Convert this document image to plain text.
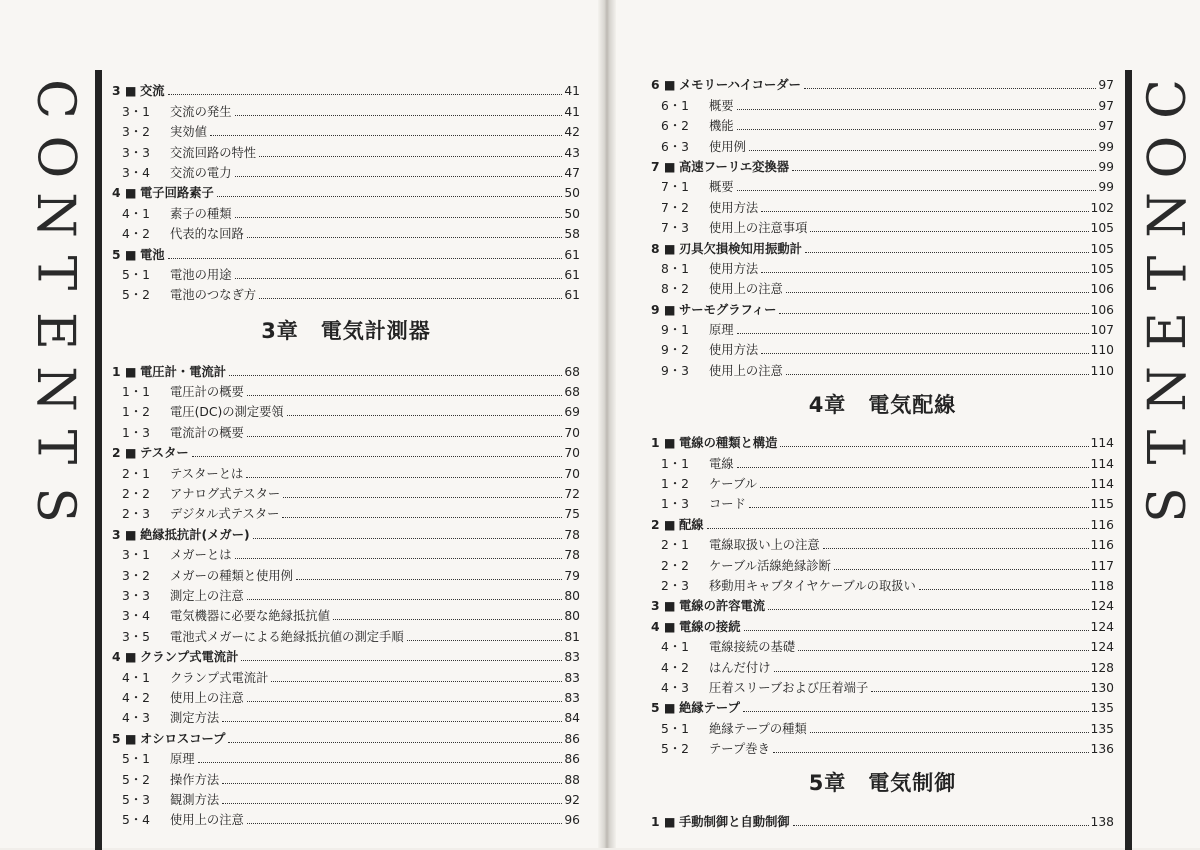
C
O
N
T
E
N
T
S
C
O
N
T
E
N
T
S
3 ■ 交流	41
3・1	交流の発生	41
3・2	実効値	42
3・3	交流回路の特性	43
3・4	交流の電力	47
4 ■ 電子回路素子	50
4・1	素子の種類	50
4・2	代表的な回路	58
5 ■ 電池	61
5・1	電池の用途	61
5・2	電池のつなぎ方	61
3章　電気計測器
1 ■ 電圧計・電流計	68
1・1	電圧計の概要	68
1・2	電圧(DC)の測定要領	69
1・3	電流計の概要	70
2 ■ テスター	70
2・1	テスターとは	70
2・2	アナログ式テスター	72
2・3	デジタル式テスター	75
3 ■ 絶縁抵抗計(メガー)	78
3・1	メガーとは	78
3・2	メガーの種類と使用例	79
3・3	測定上の注意	80
3・4	電気機器に必要な絶縁抵抗値	80
3・5	電池式メガーによる絶縁抵抗値の測定手順	81
4 ■ クランプ式電流計	83
4・1	クランプ式電流計	83
4・2	使用上の注意	83
4・3	測定方法	84
5 ■ オシロスコープ	86
5・1	原理	86
5・2	操作方法	88
5・3	観測方法	92
5・4	使用上の注意	96
6 ■ メモリーハイコーダー	97
6・1	概要	97
6・2	機能	97
6・3	使用例	99
7 ■ 高速フーリエ変換器	99
7・1	概要	99
7・2	使用方法	102
7・3	使用上の注意事項	105
8 ■ 刃具欠損検知用振動計	105
8・1	使用方法	105
8・2	使用上の注意	106
9 ■ サーモグラフィー	106
9・1	原理	107
9・2	使用方法	110
9・3	使用上の注意	110
4章　電気配線
1 ■ 電線の種類と構造	114
1・1	電線	114
1・2	ケーブル	114
1・3	コード	115
2 ■ 配線	116
2・1	電線取扱い上の注意	116
2・2	ケーブル活線絶縁診断	117
2・3	移動用キャブタイヤケーブルの取扱い	118
3 ■ 電線の許容電流	124
4 ■ 電線の接続	124
4・1	電線接続の基礎	124
4・2	はんだ付け	128
4・3	圧着スリーブおよび圧着端子	130
5 ■ 絶縁テープ	135
5・1	絶縁テープの種類	135
5・2	テープ巻き	136
5章　電気制御
1 ■ 手動制御と自動制御	138
